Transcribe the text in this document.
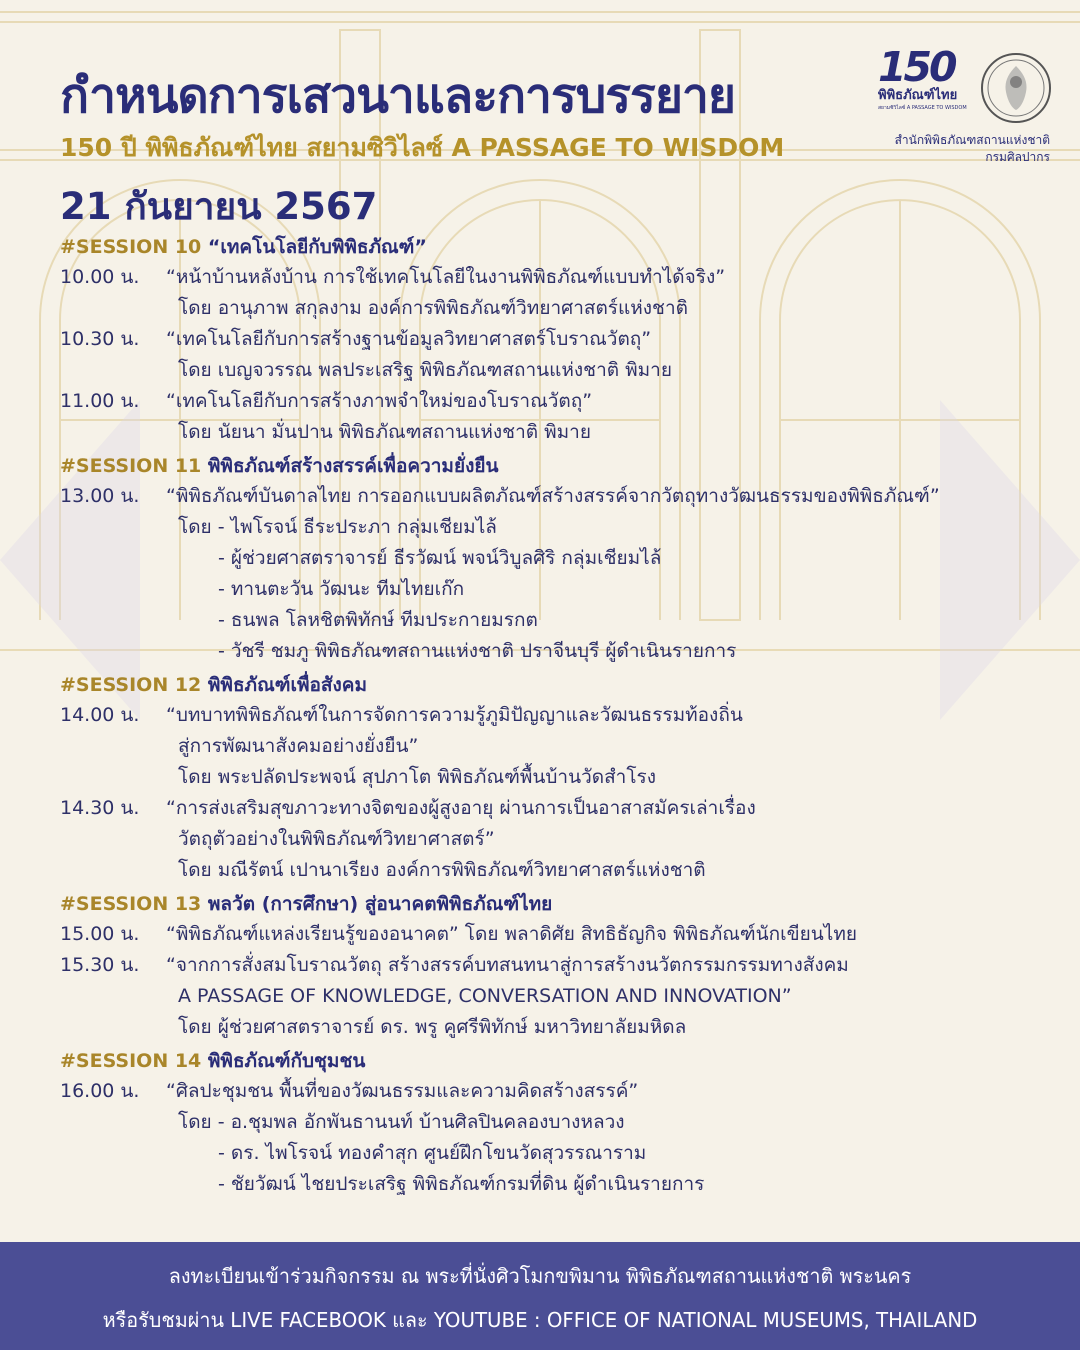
กำหนดการเสวนาและการบรรยาย
150 ปี พิพิธภัณฑ์ไทย สยามซิวิไลซ์ A PASSAGE TO WISDOM
21 กันยายน 2567
150
พิพิธภัณฑ์ไทย
สยามซิวิไลซ์ A PASSAGE TO WISDOM
สำนักพิพิธภัณฑสถานแห่งชาติ
กรมศิลปากร
#SESSION 10 “เทคโนโลยีกับพิพิธภัณฑ์”
10.00 น.	“หน้าบ้านหลังบ้าน การใช้เทคโนโลยีในงานพิพิธภัณฑ์แบบทำได้จริง”
โดย อานุภาพ สกุลงาม องค์การพิพิธภัณฑ์วิทยาศาสตร์แห่งชาติ
10.30 น.	“เทคโนโลยีกับการสร้างฐานข้อมูลวิทยาศาสตร์โบราณวัตถุ”
โดย เบญจวรรณ พลประเสริฐ พิพิธภัณฑสถานแห่งชาติ พิมาย
11.00 น.	“เทคโนโลยีกับการสร้างภาพจำใหม่ของโบราณวัตถุ”
โดย นัยนา มั่นปาน พิพิธภัณฑสถานแห่งชาติ พิมาย
#SESSION 11 พิพิธภัณฑ์สร้างสรรค์เพื่อความยั่งยืน
13.00 น.	“พิพิธภัณฑ์บันดาลไทย การออกแบบผลิตภัณฑ์สร้างสรรค์จากวัตถุทางวัฒนธรรมของพิพิธภัณฑ์”
โดย - ไพโรจน์ ธีระประภา กลุ่มเชียมไล้
- ผู้ช่วยศาสตราจารย์ ธีรวัฒน์ พจน์วิบูลศิริ กลุ่มเชียมไล้
- ทานตะวัน วัฒนะ ทีมไทยเก๊ก
- ธนพล โลหชิตพิทักษ์ ทีมประกายมรกต
- วัชรี ชมภู พิพิธภัณฑสถานแห่งชาติ ปราจีนบุรี ผู้ดำเนินรายการ
#SESSION 12 พิพิธภัณฑ์เพื่อสังคม
14.00 น.	“บทบาทพิพิธภัณฑ์ในการจัดการความรู้ภูมิปัญญาและวัฒนธรรมท้องถิ่น
สู่การพัฒนาสังคมอย่างยั่งยืน”
โดย พระปลัดประพจน์ สุปภาโต พิพิธภัณฑ์พื้นบ้านวัดสำโรง
14.30 น.	“การส่งเสริมสุขภาวะทางจิตของผู้สูงอายุ ผ่านการเป็นอาสาสมัครเล่าเรื่อง
วัตถุตัวอย่างในพิพิธภัณฑ์วิทยาศาสตร์”
โดย มณีรัตน์ เปานาเรียง องค์การพิพิธภัณฑ์วิทยาศาสตร์แห่งชาติ
#SESSION 13 พลวัต (การศึกษา) สู่อนาคตพิพิธภัณฑ์ไทย
15.00 น.	“พิพิธภัณฑ์แหล่งเรียนรู้ของอนาคต” โดย พลาดิศัย สิทธิธัญกิจ พิพิธภัณฑ์นักเขียนไทย
15.30 น.	“จากการสั่งสมโบราณวัตถุ สร้างสรรค์บทสนทนาสู่การสร้างนวัตกรรมกรรมทางสังคม
A PASSAGE OF KNOWLEDGE, CONVERSATION AND INNOVATION”
โดย ผู้ช่วยศาสตราจารย์ ดร. พรู คูศรีพิทักษ์ มหาวิทยาลัยมหิดล
#SESSION 14 พิพิธภัณฑ์กับชุมชน
16.00 น.	“ศิลปะชุมชน พื้นที่ของวัฒนธรรมและความคิดสร้างสรรค์”
โดย - อ.ชุมพล อักพันธานนท์ บ้านศิลปินคลองบางหลวง
- ดร. ไพโรจน์ ทองคำสุก ศูนย์ฝึกโขนวัดสุวรรณาราม
- ชัยวัฒน์ ไชยประเสริฐ พิพิธภัณฑ์กรมที่ดิน ผู้ดำเนินรายการ
ลงทะเบียนเข้าร่วมกิจกรรม ณ พระที่นั่งศิวโมกขพิมาน พิพิธภัณฑสถานแห่งชาติ พระนคร
หรือรับชมผ่าน LIVE FACEBOOK และ YOUTUBE : OFFICE OF NATIONAL MUSEUMS, THAILAND
